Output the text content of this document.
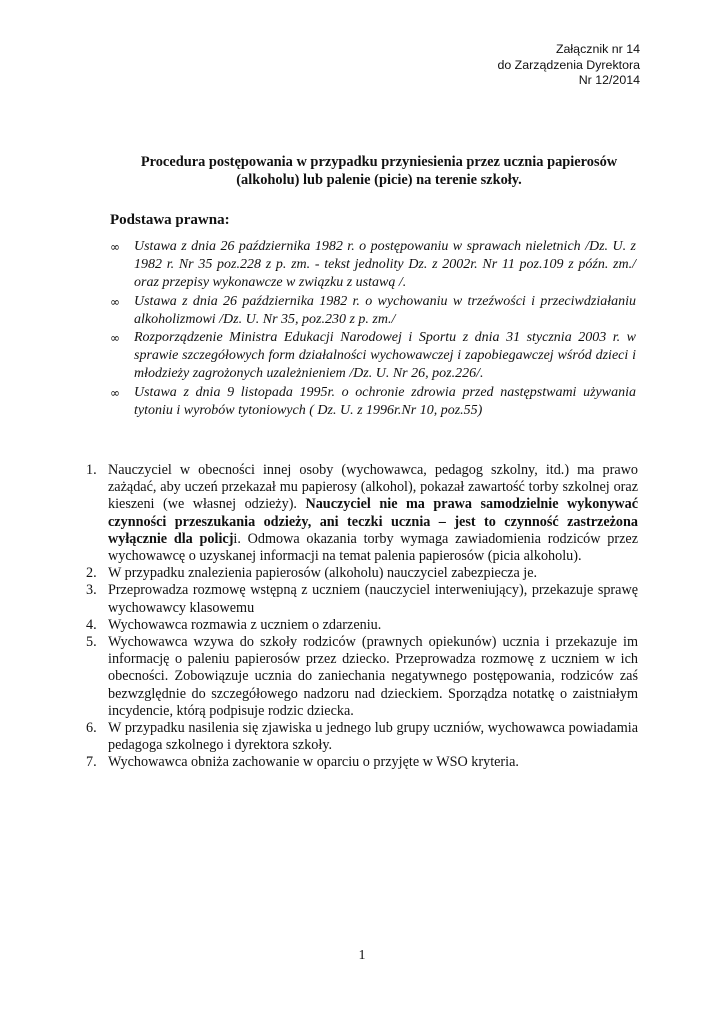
Załącznik nr 14
do Zarządzenia Dyrektora
Nr 12/2014
Procedura postępowania w przypadku przyniesienia przez ucznia papierosów
(alkoholu) lub palenie (picie) na terenie szkoły.
Podstawa prawna:
∞ Ustawa z dnia 26 października 1982 r. o postępowaniu w sprawach nieletnich /Dz. U. z 1982 r. Nr 35 poz.228 z p. zm. - tekst jednolity Dz. z 2002r. Nr 11 poz.109 z późn. zm./ oraz przepisy wykonawcze w związku z ustawą /.
∞ Ustawa z dnia 26 października 1982 r. o wychowaniu w trzeźwości i przeciwdziałaniu alkoholizmowi /Dz. U. Nr 35, poz.230 z p. zm./
∞ Rozporządzenie Ministra Edukacji Narodowej i Sportu z dnia 31 stycznia 2003 r. w sprawie szczegółowych form działalności wychowawczej i zapobiegawczej wśród dzieci i młodzieży zagrożonych uzależnieniem /Dz. U. Nr 26, poz.226/.
∞ Ustawa z dnia 9 listopada 1995r. o ochronie zdrowia przed następstwami używania tytoniu i wyrobów tytoniowych ( Dz. U. z 1996r.Nr 10, poz.55)
1. Nauczyciel w obecności innej osoby (wychowawca, pedagog szkolny, itd.) ma prawo zażądać, aby uczeń przekazał mu papierosy (alkohol), pokazał zawartość torby szkolnej oraz kieszeni (we własnej odzieży). Nauczyciel nie ma prawa samodzielnie wykonywać czynności przeszukania odzieży, ani teczki ucznia – jest to czynność zastrzeżona wyłącznie dla policji. Odmowa okazania torby wymaga zawiadomienia rodziców przez wychowawcę o uzyskanej informacji na temat palenia papierosów (picia alkoholu).
2. W przypadku znalezienia papierosów (alkoholu) nauczyciel zabezpiecza je.
3. Przeprowadza rozmowę wstępną z uczniem (nauczyciel interweniujący), przekazuje sprawę wychowawcy klasowemu
4. Wychowawca rozmawia z uczniem o zdarzeniu.
5. Wychowawca wzywa do szkoły rodziców (prawnych opiekunów) ucznia i przekazuje im informację o paleniu papierosów przez dziecko. Przeprowadza rozmowę z uczniem w ich obecności. Zobowiązuje ucznia do zaniechania negatywnego postępowania, rodziców zaś bezwzględnie do szczegółowego nadzoru nad dzieckiem. Sporządza notatkę o zaistniałym incydencie, którą podpisuje rodzic dziecka.
6. W przypadku nasilenia się zjawiska u jednego lub grupy uczniów, wychowawca powiadamia pedagoga szkolnego i dyrektora szkoły.
7. Wychowawca obniża zachowanie w oparciu o przyjęte w WSO kryteria.
1
